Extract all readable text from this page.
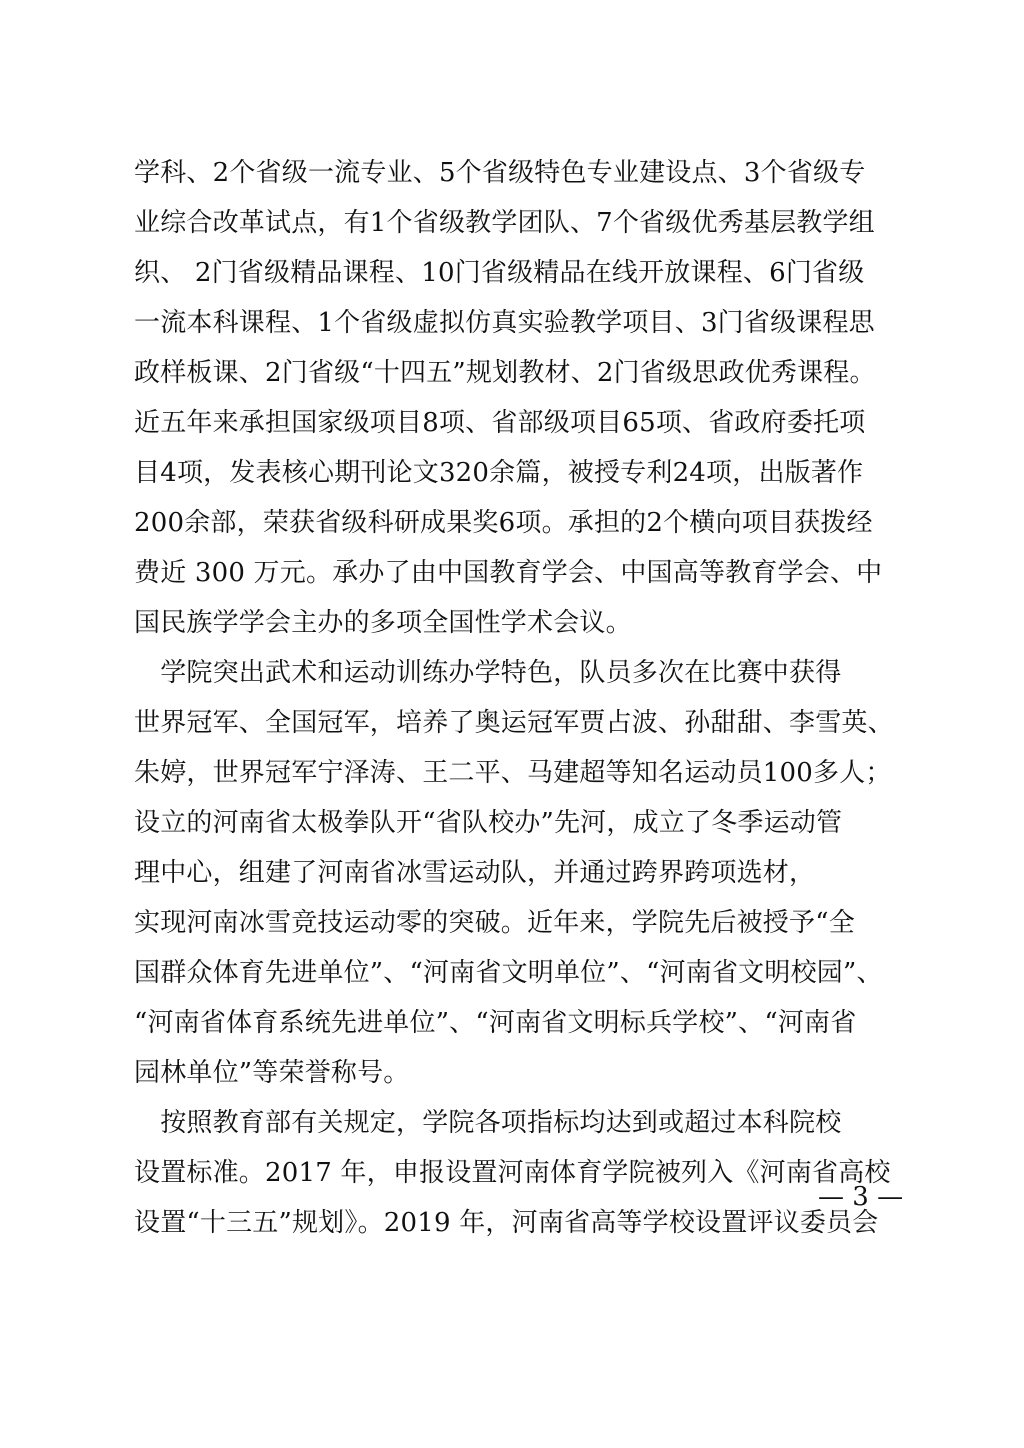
学科、2个省级一流专业、5个省级特色专业建设点、3个省级专
业综合改革试点，有1个省级教学团队、7个省级优秀基层教学组
织、 2门省级精品课程、10门省级精品在线开放课程、6门省级
一流本科课程、1个省级虚拟仿真实验教学项目、3门省级课程思
政样板课、2门省级“十四五”规划教材、2门省级思政优秀课程。
近五年来承担国家级项目8项、省部级项目65项、省政府委托项
目4项，发表核心期刊论文320余篇，被授专利24项，出版著作
200余部，荣获省级科研成果奖6项。承担的2个横向项目获拨经
费近 300 万元。承办了由中国教育学会、中国高等教育学会、中
国民族学学会主办的多项全国性学术会议。
　学院突出武术和运动训练办学特色，队员多次在比赛中获得
世界冠军、全国冠军，培养了奥运冠军贾占波、孙甜甜、李雪英、
朱婷，世界冠军宁泽涛、王二平、马建超等知名运动员100多人；
设立的河南省太极拳队开“省队校办”先河，成立了冬季运动管
理中心，组建了河南省冰雪运动队，并通过跨界跨项选材，
实现河南冰雪竞技运动零的突破。近年来，学院先后被授予“全
国群众体育先进单位”、“河南省文明单位”、“河南省文明校园”、
“河南省体育系统先进单位”、“河南省文明标兵学校”、“河南省
园林单位”等荣誉称号。
　按照教育部有关规定，学院各项指标均达到或超过本科院校
设置标准。2017 年，申报设置河南体育学院被列入《河南省高校
设置“十三五”规划》。2019 年，河南省高等学校设置评议委员会
— 3 —
